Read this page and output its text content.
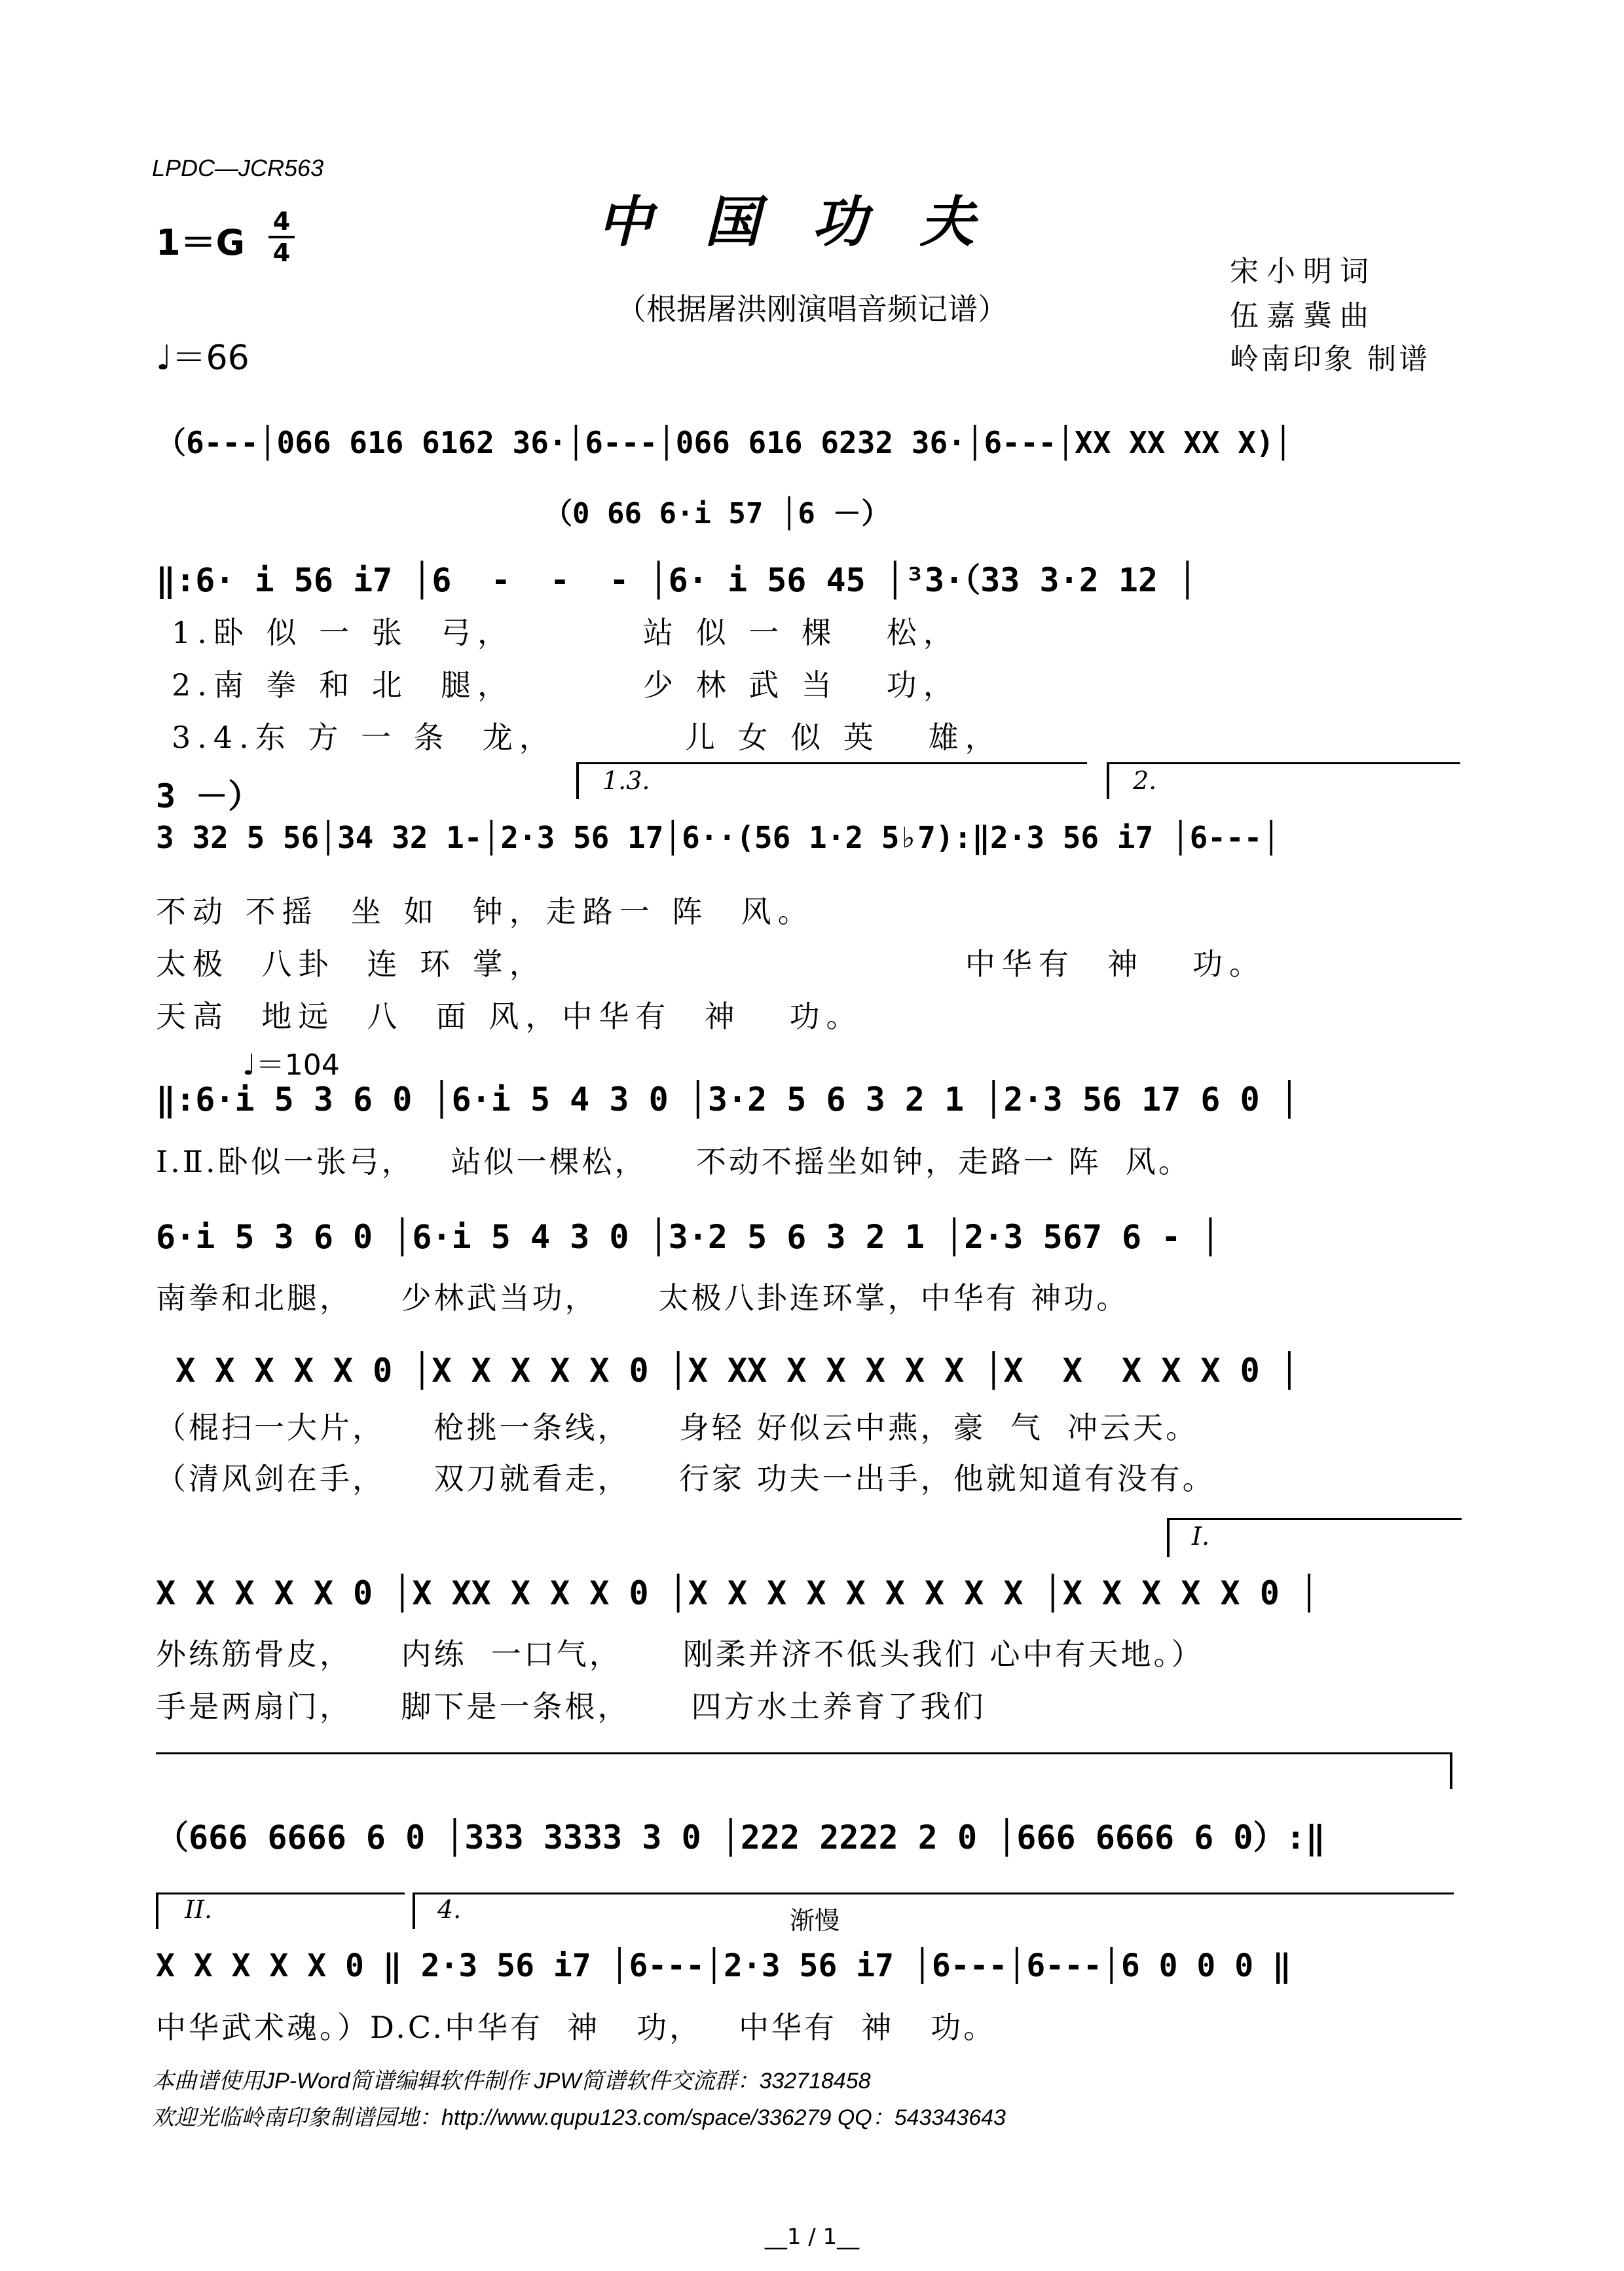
LPDC—JCR563
中国功夫
（根据屠洪刚演唱音频记谱）
1＝G
4
4
♩＝66
宋小明词
伍嘉冀曲
岭南印象 制谱
（6---│066 616 6162 36·│6---│066 616 6232 36·│6---│XX XX XX X)│
（0 66 6·i 57 │6 －）
‖:6· i 56 i7 │6  -  -  - │6· i 56 45 │³3·（33 3·2 12 │
1.卧 似 一 张  弓，        站 似 一 棵   松，
2.南 拳 和 北  腿，        少 林 武 当   功，
3.4.东 方 一 条  龙，        儿 女 似 英   雄，
1.3.	2.
3 －）
3 32 5 56│34 32 1-│2·3 56 17│6··(56 1·2 5♭7):‖2·3 56 i7 │6---│
不动 不摇  坐 如  钟，走路一 阵  风。
太极  八卦  连 环 掌，                          中华有  神   功。
天高  地远  八  面 风，中华有  神   功。
♩＝104
‖:6·i 5 3 6 0 │6·i 5 4 3 0 │3·2 5 6 3 2 1 │2·3 56 17 6 0 │
Ⅰ.Ⅱ.卧似一张弓，   站似一棵松，    不动不摇坐如钟，走路一 阵  风。
6·i 5 3 6 0 │6·i 5 4 3 0 │3·2 5 6 3 2 1 │2·3 567 6 - │
南拳和北腿，    少林武当功，     太极八卦连环掌，中华有 神功。
X X X X X 0 │X X X X X 0 │X XX X X X X X │X  X  X X X 0 │
（棍扫一大片，    枪挑一条线，    身轻 好似云中燕，豪  气  冲云天。
（清风剑在手，    双刀就看走，    行家 功夫一出手，他就知道有没有。
I.
X X X X X 0 │X XX X X X 0 │X X X X X X X X X │X X X X X 0 │
外练筋骨皮，    内练  一口气，     刚柔并济不低头我们 心中有天地。）
手是两扇门，    脚下是一条根，     四方水土养育了我们
（666 6666 6 0 │333 3333 3 0 │222 2222 2 0 │666 6666 6 0）:‖
II.	4.	渐慢
X X X X X 0 ‖ 2·3 56 i7 │6---│2·3 56 i7 │6---│6---│6 0 0 0 ‖
中华武术魂。）D.C.中华有  神   功，   中华有  神   功。
本曲谱使用JP-Word简谱编辑软件制作 JPW简谱软件交流群：332718458
欢迎光临岭南印象制谱园地：http://www.qupu123.com/space/336279 QQ：543343643
__1 / 1__
